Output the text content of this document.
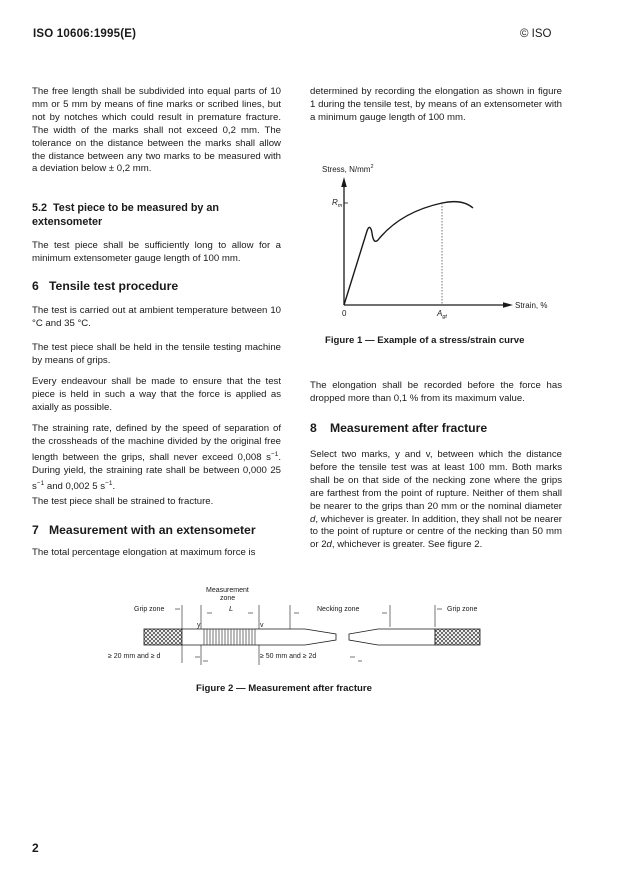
ISO 10606:1995(E)	© ISO

The free length shall be subdivided into equal parts of 10 mm or 5 mm by means of fine marks or scribed lines, but not by notches which could result in premature fracture. The width of the marks shall not exceed 0,2 mm. The tolerance on the distance between the marks shall allow the distance between any two marks to be measured with a deviation below ± 0,2 mm.

5.2 Test piece to be measured by an extensometer

The test piece shall be sufficiently long to allow for a minimum extensometer gauge length of 100 mm.

6 Tensile test procedure

The test is carried out at ambient temperature between 10 °C and 35 °C.

The test piece shall be held in the tensile testing machine by means of grips.

Every endeavour shall be made to ensure that the test piece is held in such a way that the force is applied as axially as possible.

The straining rate, defined by the speed of separation of the crossheads of the machine divided by the original free length between the grips, shall never exceed 0,008 $s^{-1}$. During yield, the straining rate shall be between 0,000 25 $s^{-1}$ and 0,002 5 $s^{-1}$.

The test piece shall be strained to fracture.

7 Measurement with an extensometer

The total percentage elongation at maximum force is

determined by recording the elongation as shown in figure 1 during the tensile test, by means of an extensometer with a minimum gauge length of 100 mm.

Stress, $N/mm^2$
$R_m$
0	$A_{gt}$
Strain, %
Figure 1 — Example of a stress/strain curve

The elongation shall be recorded before the force has dropped more than 0,1 % from its maximum value.

8 Measurement after fracture

Select two marks, y and v, between which the distance before the tensile test was at least 100 mm. Both marks shall be on that side of the necking zone where the grips are farthest from the point of rupture. Neither of them shall be nearer to the grips than 20 mm or the nominal diameter d, whichever is greater. In addition, they shall not be nearer to the point of rupture or centre of the necking than 50 mm or 2d, whichever is greater. See figure 2.

Measurement
zone
Grip zone	L	Necking zone	Grip zone
y	v
≥ 20 mm and ≥ d	≥ 50 mm and ≥ 2d
Figure 2 — Measurement after fracture
2
